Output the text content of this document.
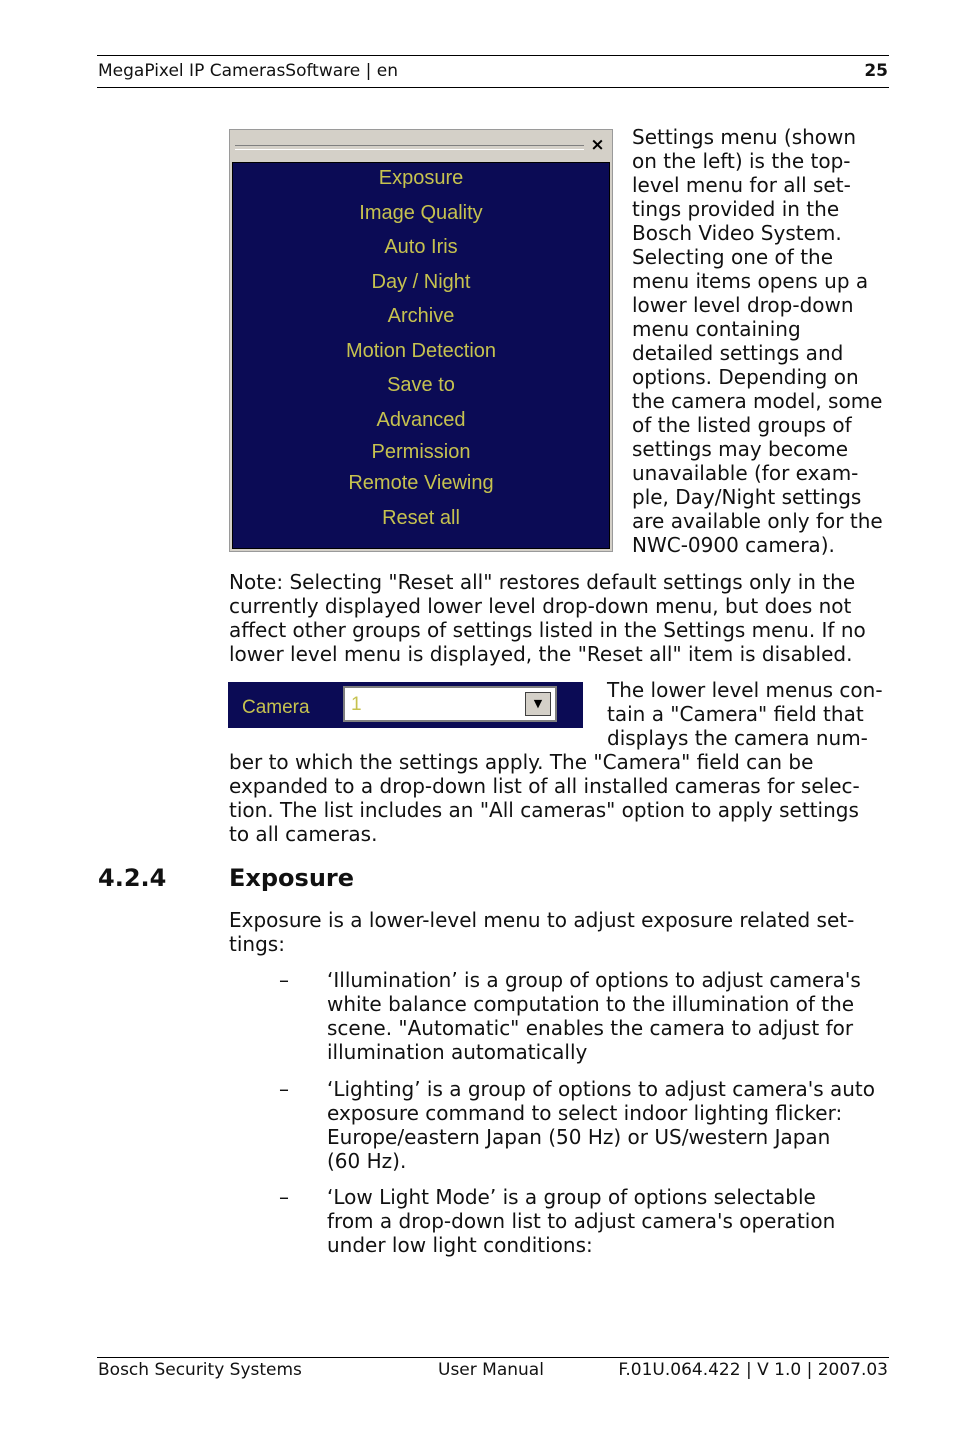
MegaPixel IP CamerasSoftware | en	25
×
Exposure
Image Quality
Auto Iris
Day / Night
Archive
Motion Detection
Save to
Advanced
Permission
Remote Viewing
Reset all
Settings menu (shown
on the left) is the top-
level menu for all set-
tings provided in the
Bosch Video System.
Selecting one of the
menu items opens up a
lower level drop-down
menu containing
detailed settings and
options. Depending on
the camera model, some
of the listed groups of
settings may become
unavailable (for exam-
ple, Day/Night settings
are available only for the
NWC-0900 camera).
Note: Selecting "Reset all" restores default settings only in the
currently displayed lower level drop-down menu, but does not
affect other groups of settings listed in the Settings menu. If no
lower level menu is displayed, the "Reset all" item is disabled.
Camera 1	▼
The lower level menus con-
tain a "Camera" field that
displays the camera num-
ber to which the settings apply. The "Camera" field can be
expanded to a drop-down list of all installed cameras for selec-
tion. The list includes an "All cameras" option to apply settings
to all cameras.
4.2.4	Exposure
Exposure is a lower-level menu to adjust exposure related set-
tings:
– ‘Illumination’ is a group of options to adjust camera's
white balance computation to the illumination of the
scene. "Automatic" enables the camera to adjust for
illumination automatically
– ‘Lighting’ is a group of options to adjust camera's auto
exposure command to select indoor lighting flicker:
Europe/eastern Japan (50 Hz) or US/western Japan
(60 Hz).
– ‘Low Light Mode’ is a group of options selectable
from a drop-down list to adjust camera's operation
under low light conditions:
Bosch Security Systems	User Manual	F.01U.064.422 | V 1.0 | 2007.03
